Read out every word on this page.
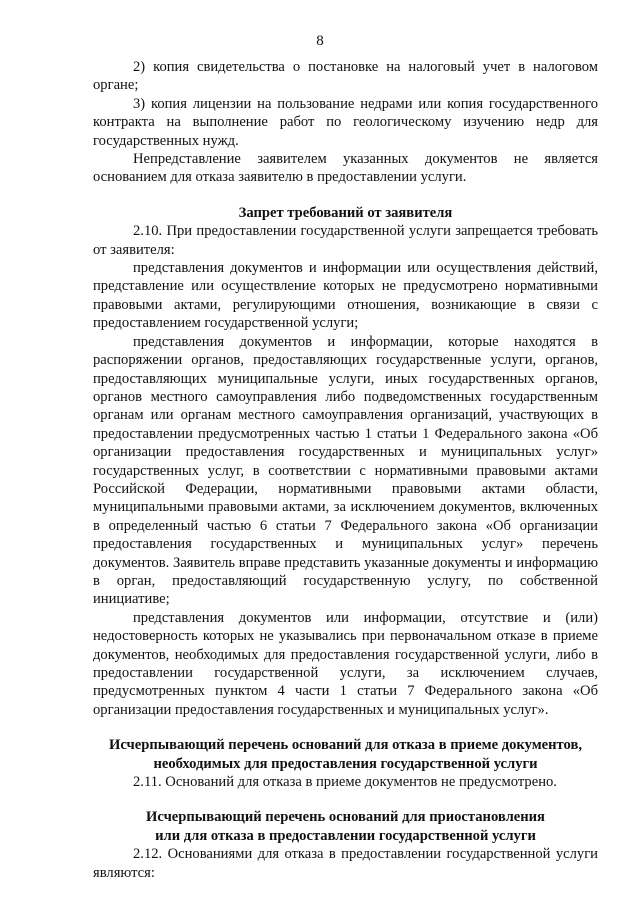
8

2) копия свидетельства о постановке на налоговый учет в налоговом органе;

3) копия лицензии на пользование недрами или копия государственного контракта на выполнение работ по геологическому изучению недр для государственных нужд.

Непредставление заявителем указанных документов не является основанием для отказа заявителю в предоставлении услуги.

Запрет требований от заявителя

2.10. При предоставлении государственной услуги запрещается требовать от заявителя:

представления документов и информации или осуществления действий, представление или осуществление которых не предусмотрено нормативными правовыми актами, регулирующими отношения, возникающие в связи с предоставлением государственной услуги;

представления документов и информации, которые находятся в распоряжении органов, предоставляющих государственные услуги, органов, предоставляющих муниципальные услуги, иных государственных органов, органов местного самоуправления либо подведомственных государственным органам или органам местного самоуправления организаций, участвующих в предоставлении предусмотренных частью 1 статьи 1 Федерального закона «Об организации предоставления государственных и муниципальных услуг» государственных услуг, в соответствии с нормативными правовыми актами Российской Федерации, нормативными правовыми актами области, муниципальными правовыми актами, за исключением документов, включенных в определенный частью 6 статьи 7 Федерального закона «Об организации предоставления государственных и муниципальных услуг» перечень документов. Заявитель вправе представить указанные документы и информацию в орган, предоставляющий государственную услугу, по собственной инициативе;

представления документов или информации, отсутствие и (или) недостоверность которых не указывались при первоначальном отказе в приеме документов, необходимых для предоставления государственной услуги, либо в предоставлении государственной услуги, за исключением случаев, предусмотренных пунктом 4 части 1 статьи 7 Федерального закона «Об организации предоставления государственных и муниципальных услуг».

Исчерпывающий перечень оснований для отказа в приеме документов,

необходимых для предоставления государственной услуги

2.11. Оснований для отказа в приеме документов не предусмотрено.

Исчерпывающий перечень оснований для приостановления

или для отказа в предоставлении государственной услуги

2.12. Основаниями для отказа в предоставлении государственной услуги являются:
